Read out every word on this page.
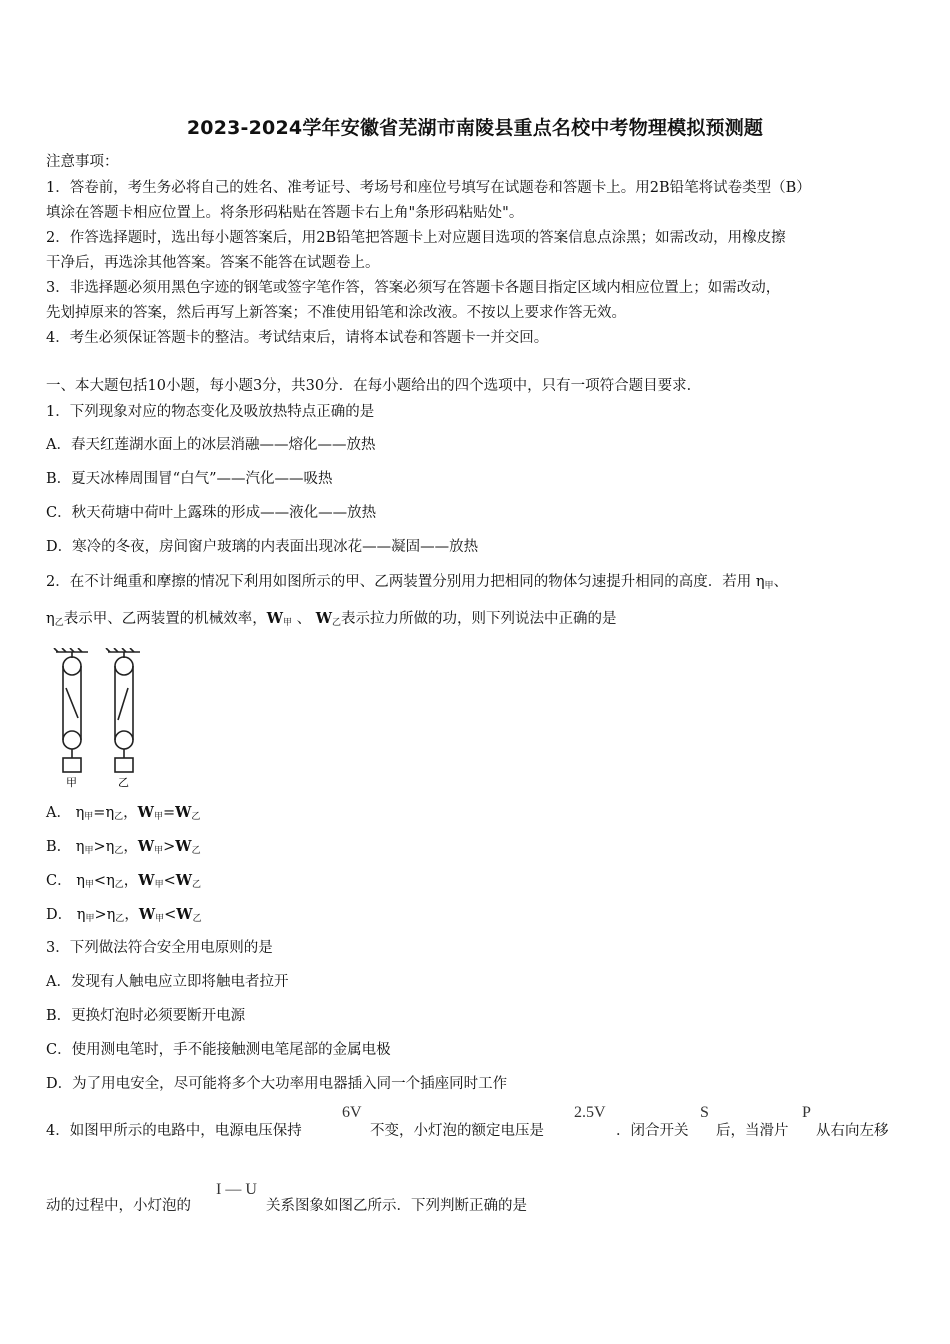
2023-2024学年安徽省芜湖市南陵县重点名校中考物理模拟预测题
注意事项：
1．答卷前，考生务必将自己的姓名、准考证号、考场号和座位号填写在试题卷和答题卡上。用2B铅笔将试卷类型（B）
填涂在答题卡相应位置上。将条形码粘贴在答题卡右上角"条形码粘贴处"。
2．作答选择题时，选出每小题答案后，用2B铅笔把答题卡上对应题目选项的答案信息点涂黑；如需改动，用橡皮擦
干净后，再选涂其他答案。答案不能答在试题卷上。
3．非选择题必须用黑色字迹的钢笔或签字笔作答，答案必须写在答题卡各题目指定区域内相应位置上；如需改动，
先划掉原来的答案，然后再写上新答案；不准使用铅笔和涂改液。不按以上要求作答无效。
4．考生必须保证答题卡的整洁。考试结束后，请将本试卷和答题卡一并交回。
一、本大题包括10小题，每小题3分，共30分．在每小题给出的四个选项中，只有一项符合题目要求．
1．下列现象对应的物态变化及吸放热特点正确的是
A．春天红莲湖水面上的冰层消融——熔化——放热
B．夏天冰棒周围冒“白气”——汽化——吸热
C．秋天荷塘中荷叶上露珠的形成——液化——放热
D．寒冷的冬夜，房间窗户玻璃的内表面出现冰花——凝固——放热
2．在不计绳重和摩擦的情况下利用如图所示的甲、乙两装置分别用力把相同的物体匀速提升相同的高度．若用 $\eta_甲$、
$\eta_乙$表示甲、乙两装置的机械效率，$W_甲$ 、 $W_乙$表示拉力所做的功，则下列说法中正确的是
甲	乙
A． $\eta_甲=\eta_乙$，$W_甲=W_乙$
B． $\eta_甲>\eta_乙$，$W_甲>W_乙$
C． $\eta_甲<\eta_乙$，$W_甲<W_乙$
D． $\eta_甲>\eta_乙$，$W_甲<W_乙$
3．下列做法符合安全用电原则的是
A．发现有人触电应立即将触电者拉开
B．更换灯泡时必须要断开电源
C．使用测电笔时，手不能接触测电笔尾部的金属电极
D．为了用电安全，尽可能将多个大功率用电器插入同一个插座同时工作
4．如图甲所示的电路中，电源电压保持
6V
不变，小灯泡的额定电压是
2.5V
．闭合开关
S
后，当滑片
P
从右向左移
动的过程中，小灯泡的
I — U
关系图象如图乙所示．下列判断正确的是
